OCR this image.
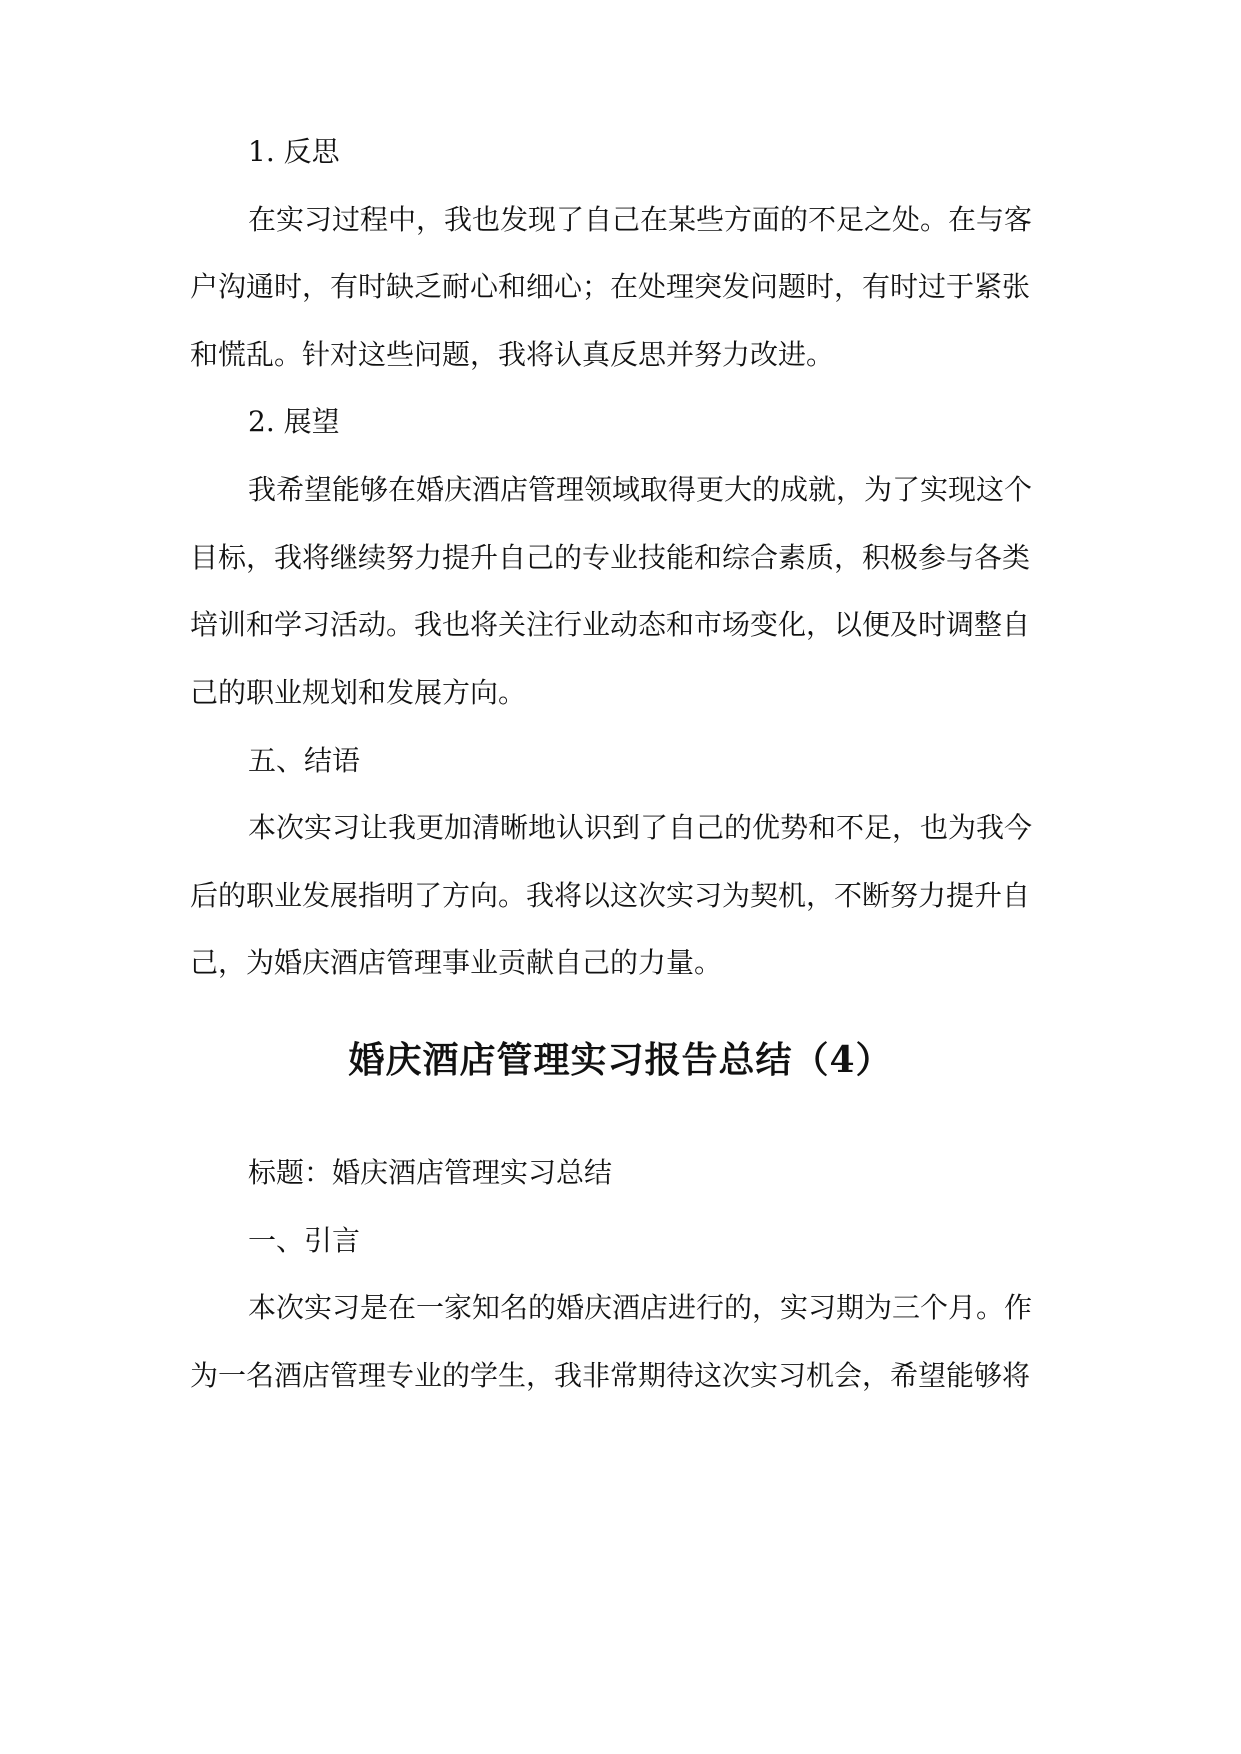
1. 反思

在实习过程中，我也发现了自己在某些方面的不足之处。在与客

户沟通时，有时缺乏耐心和细心；在处理突发问题时，有时过于紧张

和慌乱。针对这些问题，我将认真反思并努力改进。

2. 展望

我希望能够在婚庆酒店管理领域取得更大的成就，为了实现这个

目标，我将继续努力提升自己的专业技能和综合素质，积极参与各类

培训和学习活动。我也将关注行业动态和市场变化，以便及时调整自

己的职业规划和发展方向。

五、结语

本次实习让我更加清晰地认识到了自己的优势和不足，也为我今

后的职业发展指明了方向。我将以这次实习为契机，不断努力提升自

己，为婚庆酒店管理事业贡献自己的力量。

婚庆酒店管理实习报告总结（4）

标题：婚庆酒店管理实习总结

一、引言

本次实习是在一家知名的婚庆酒店进行的，实习期为三个月。作

为一名酒店管理专业的学生，我非常期待这次实习机会，希望能够将
